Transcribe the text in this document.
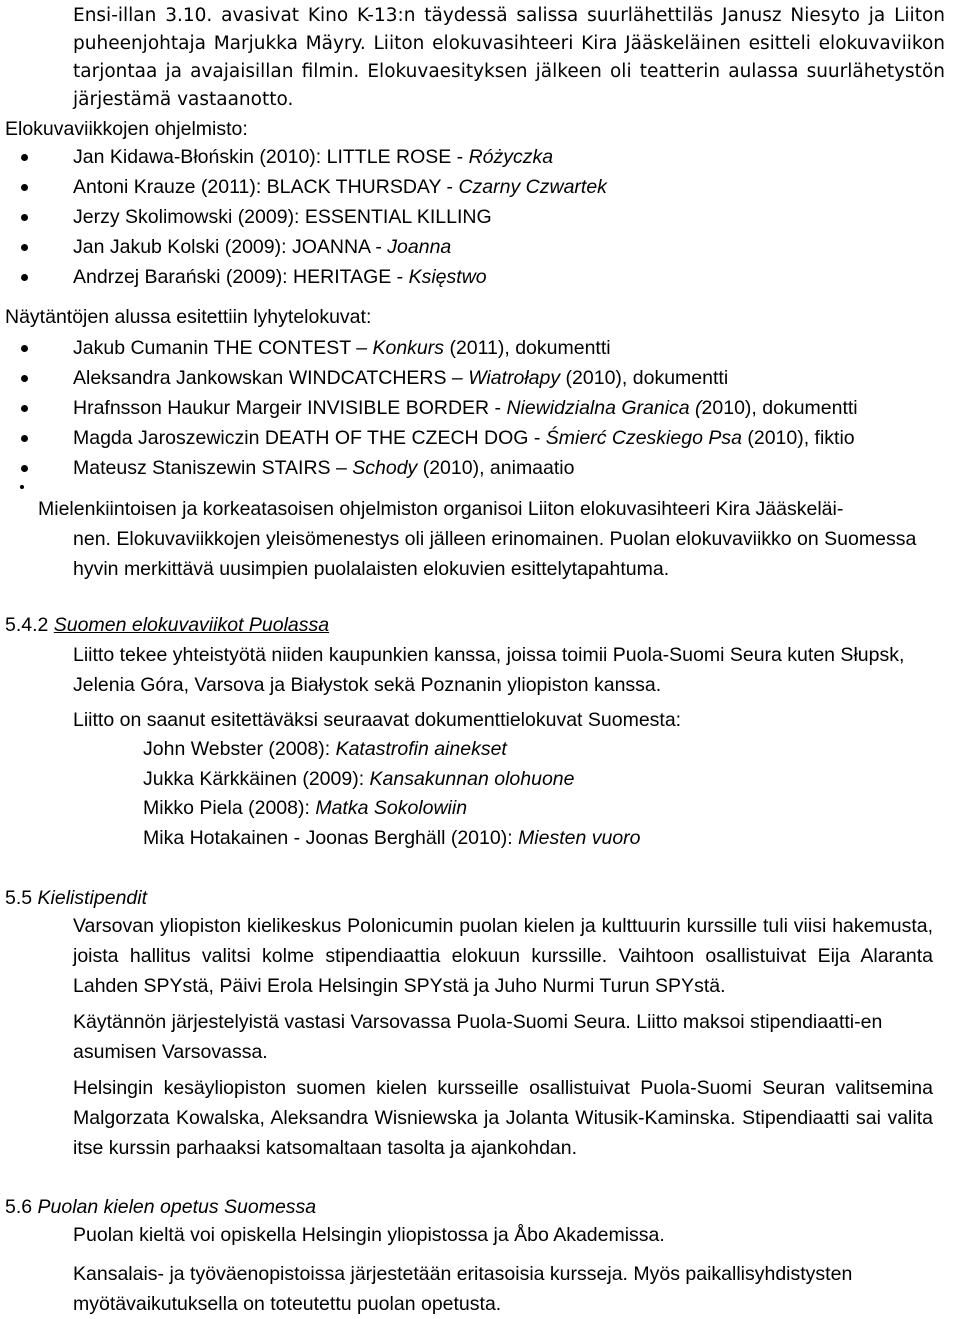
Ensi-illan 3.10. avasivat Kino K-13:n täydessä salissa suurlähettiläs Janusz Niesyto ja Liiton puheenjohtaja Marjukka Mäyry. Liiton elokuvasihteeri Kira Jääskeläinen esitteli elokuvaviikon tarjontaa ja avajaisillan filmin. Elokuvaesityksen jälkeen oli teatterin aulassa suurlähetystön järjestämä vastaanotto.

Elokuvaviikkojen ohjelmisto:

Jan Kidawa-Błońskin (2010): LITTLE ROSE - Różyczka
Antoni Krauze (2011): BLACK THURSDAY - Czarny Czwartek
Jerzy Skolimowski (2009): ESSENTIAL KILLING
Jan Jakub Kolski (2009): JOANNA - Joanna
Andrzej Barański (2009): HERITAGE - Księstwo

Näytäntöjen alussa esitettiin lyhytelokuvat:

Jakub Cumanin THE CONTEST – Konkurs (2011), dokumentti
Aleksandra Jankowskan WINDCATCHERS – Wiatrołapy (2010), dokumentti
Hrafnsson Haukur Margeir INVISIBLE BORDER - Niewidzialna Granica (2010), dokumentti
Magda Jaroszewiczin DEATH OF THE CZECH DOG - Śmierć Czeskiego Psa (2010), fiktio
Mateusz Staniszewin STAIRS – Schody (2010), animaatio

Mielenkiintoisen ja korkeatasoisen ohjelmiston organisoi Liiton elokuvasihteeri Kira Jääskeläi-
nen. Elokuvaviikkojen yleisömenestys oli jälleen erinomainen. Puolan elokuvaviikko on Suomessa hyvin merkittävä uusimpien puolalaisten elokuvien esittelytapahtuma.

5.4.2 Suomen elokuvaviikot Puolassa

Liitto tekee yhteistyötä niiden kaupunkien kanssa, joissa toimii Puola-Suomi Seura kuten Słupsk, Jelenia Góra, Varsova ja Białystok sekä Poznanin yliopiston kanssa.

Liitto on saanut esitettäväksi seuraavat dokumenttielokuvat Suomesta:

John Webster (2008): Katastrofin ainekset
Jukka Kärkkäinen (2009): Kansakunnan olohuone
Mikko Piela (2008): Matka Sokolowiin
Mika Hotakainen - Joonas Berghäll (2010): Miesten vuoro

5.5 Kielistipendit

Varsovan yliopiston kielikeskus Polonicumin puolan kielen ja kulttuurin kurssille tuli viisi hakemusta, joista hallitus valitsi kolme stipendiaattia elokuun kurssille. Vaihtoon osallistuivat Eija Alaranta Lahden SPYstä, Päivi Erola Helsingin SPYstä ja Juho Nurmi Turun SPYstä.

Käytännön järjestelyistä vastasi Varsovassa Puola-Suomi Seura. Liitto maksoi stipendiaatti-en asumisen Varsovassa.

Helsingin kesäyliopiston suomen kielen kursseille osallistuivat Puola-Suomi Seuran valitsemina Malgorzata Kowalska, Aleksandra Wisniewska ja Jolanta Witusik-Kaminska. Stipendiaatti sai valita itse kurssin parhaaksi katsomaltaan tasolta ja ajankohdan.

5.6 Puolan kielen opetus Suomessa

Puolan kieltä voi opiskella Helsingin yliopistossa ja Åbo Akademissa.

Kansalais- ja työväenopistoissa järjestetään eritasoisia kursseja. Myös paikallisyhdistysten myötävaikutuksella on toteutettu puolan opetusta.
